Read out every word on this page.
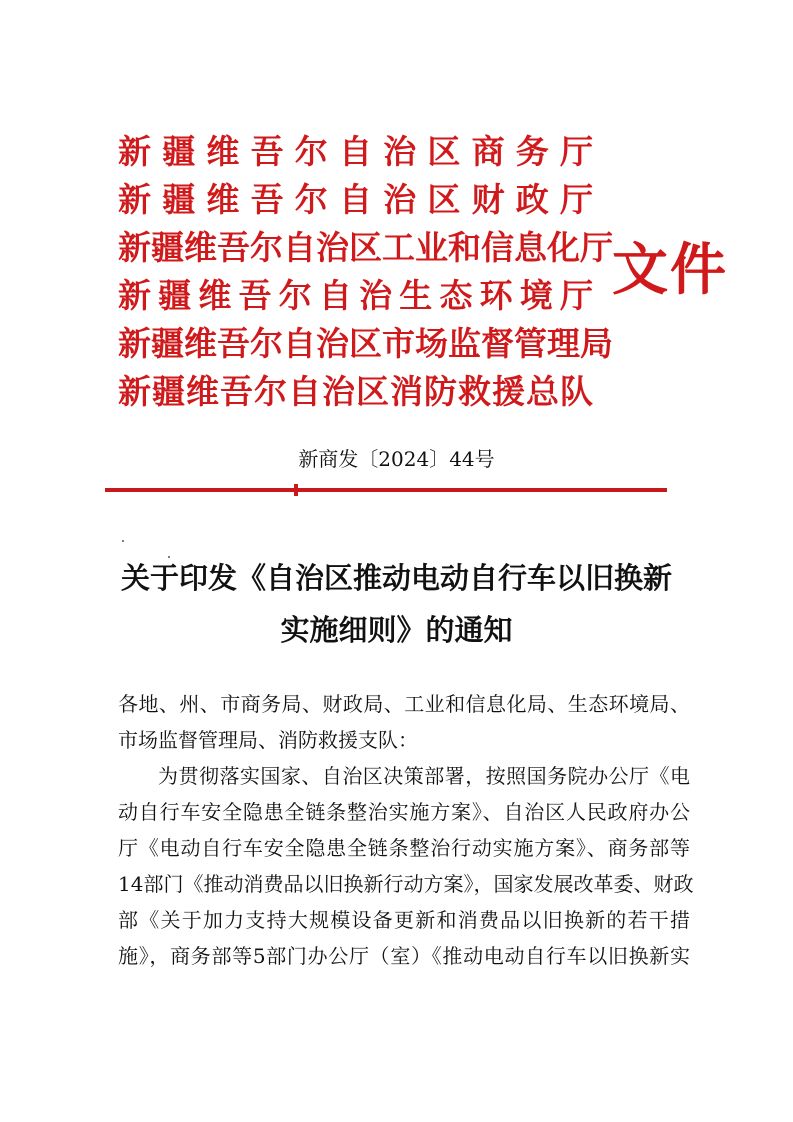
新疆维吾尔自治区商务厅
新疆维吾尔自治区财政厅
新疆维吾尔自治区工业和信息化厅
新疆维吾尔自治生态环境厅
新疆维吾尔自治区市场监督管理局
新疆维吾尔自治区消防救援总队
文件
新商发〔2024〕44号
关于印发《自治区推动电动自行车以旧换新
实施细则》的通知
各地、州、市商务局、财政局、工业和信息化局、生态环境局、
市场监督管理局、消防救援支队：
为贯彻落实国家、自治区决策部署，按照国务院办公厅《电
动自行车安全隐患全链条整治实施方案》、自治区人民政府办公
厅《电动自行车安全隐患全链条整治行动实施方案》、商务部等
14部门《推动消费品以旧换新行动方案》，国家发展改革委、财政
部《关于加力支持大规模设备更新和消费品以旧换新的若干措
施》，商务部等5部门办公厅（室）《推动电动自行车以旧换新实
